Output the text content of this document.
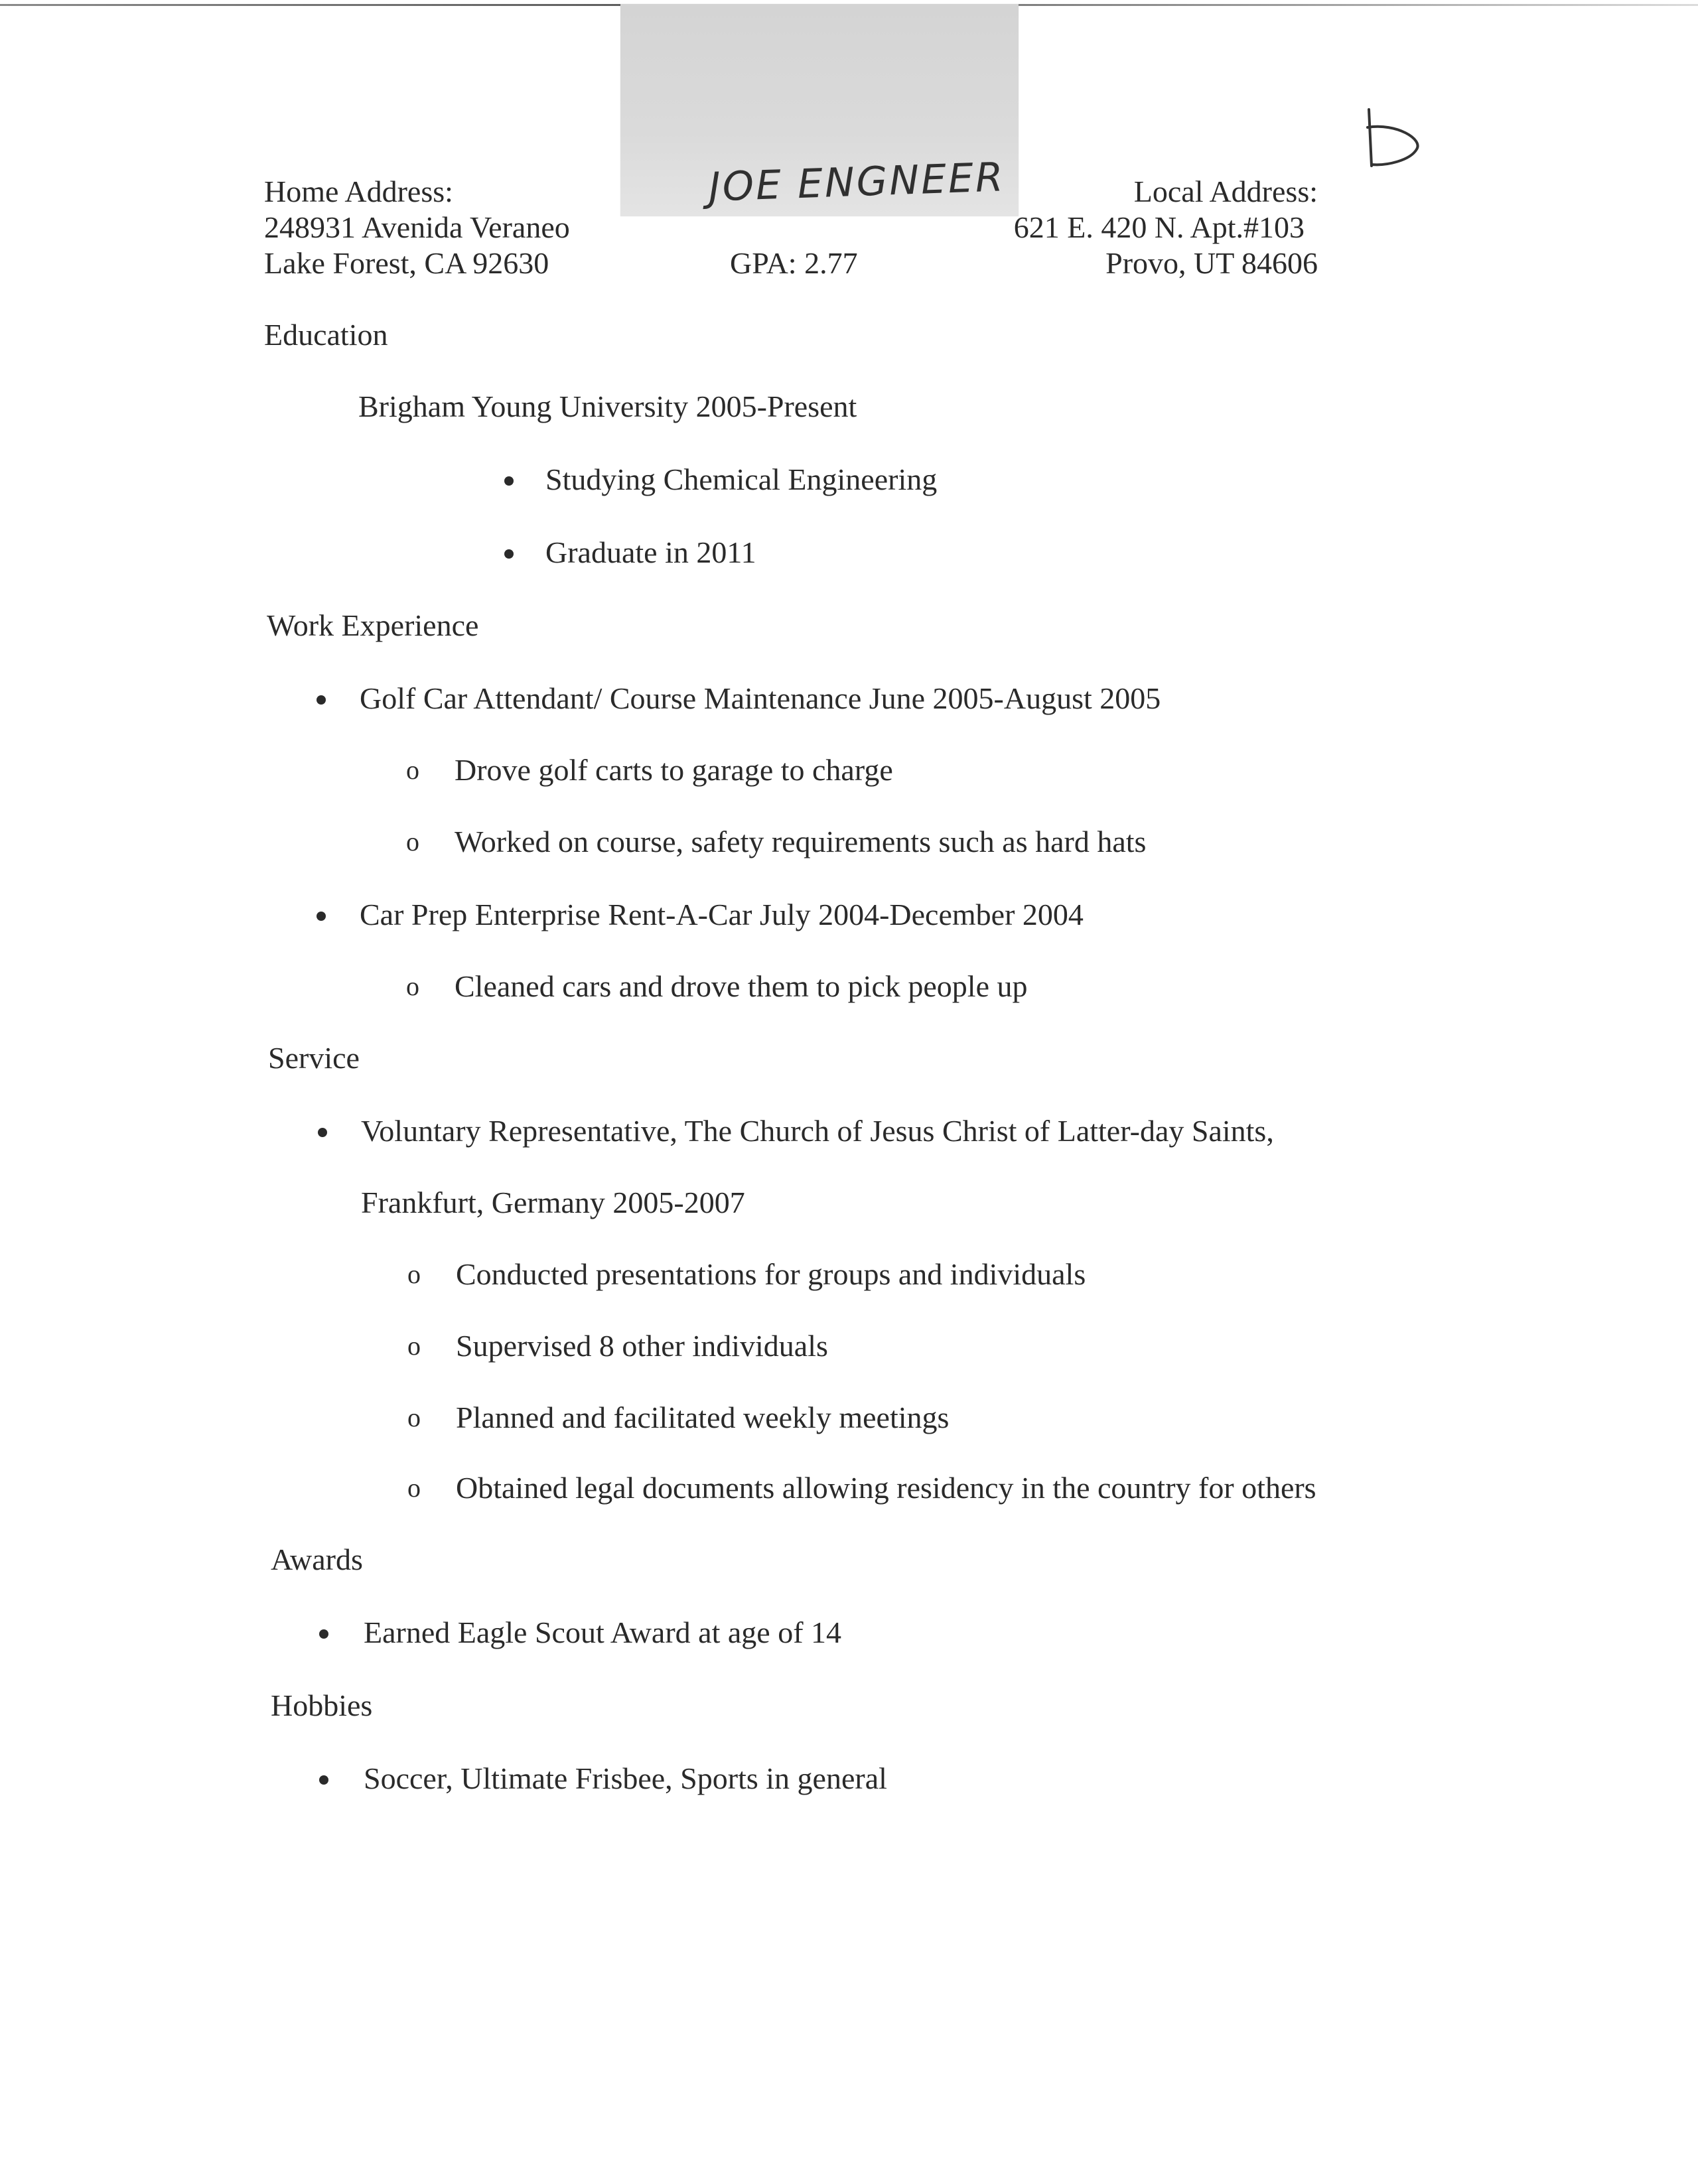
D
JOE ENGNEER
Home Address:
248931 Avenida Veraneo
Lake Forest, CA 92630	GPA: 2.77
Local Address:
621 E. 420 N. Apt.#103
Provo, UT 84606
Education
Brigham Young University 2005-Present
Studying Chemical Engineering
Graduate in 2011
Work Experience
Golf Car Attendant/ Course Maintenance June 2005-August 2005
o Drove golf carts to garage to charge
o Worked on course, safety requirements such as hard hats
Car Prep Enterprise Rent-A-Car July 2004-December 2004
o Cleaned cars and drove them to pick people up
Service
Voluntary Representative, The Church of Jesus Christ of Latter-day Saints,
Frankfurt, Germany 2005-2007
o Conducted presentations for groups and individuals
o Supervised 8 other individuals
o Planned and facilitated weekly meetings
o Obtained legal documents allowing residency in the country for others
Awards
Earned Eagle Scout Award at age of 14
Hobbies
Soccer, Ultimate Frisbee, Sports in general
